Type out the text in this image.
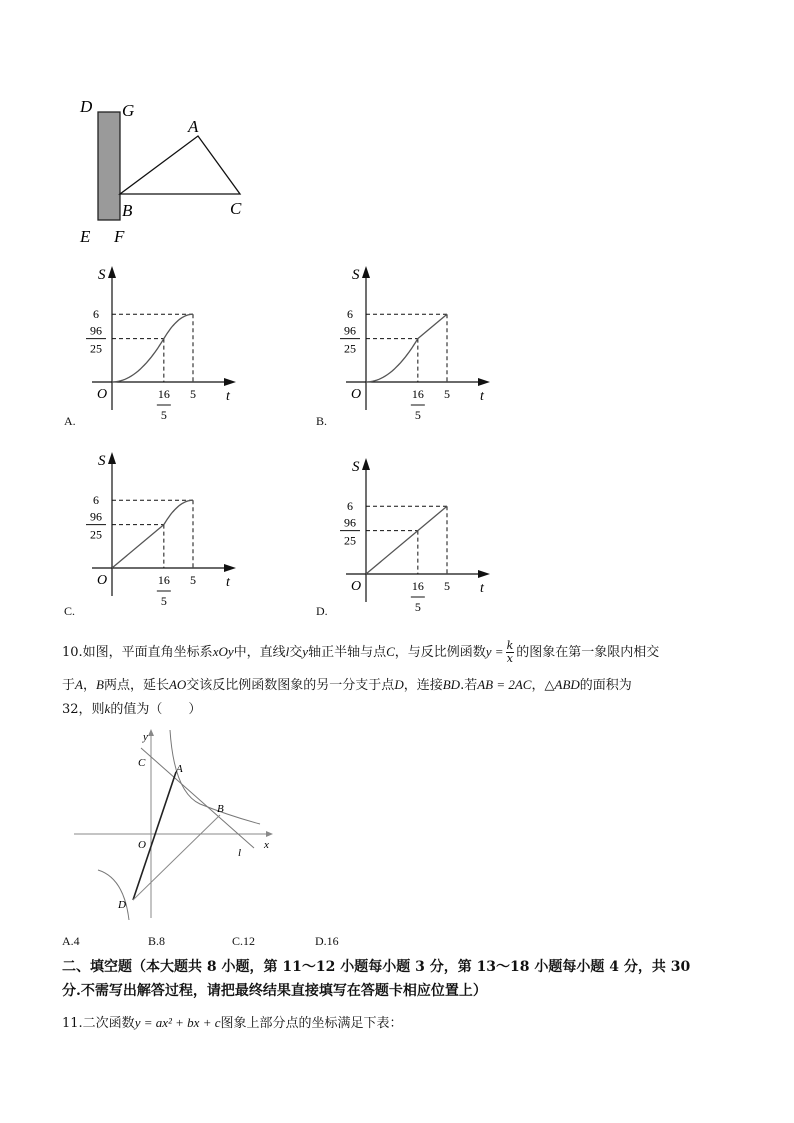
D G
A
B	C
E F
S
t
O
6
96
25
16
5
5
A.
S
t
O
6
96
25
16
5
5
B.
S
t
O
6
96
25
16
5
5
C.
S
t
O
6
96
25
16
5
5
D.
10.如图，平面直角坐标系xOy中，直线l交y轴正半轴与点C，与反比例函数$y = \frac{k}{x}$ 的图象在第一象限内相交
于A，B两点，延长AO交该反比例函数图象的另一分支于点D，连接BD.若AB = 2AC，△ABD的面积为
32，则k的值为（　　）
y
x
C	A
B
O
l
D
A.4	B.8	C.12	D.16
二、填空题（本大题共 8 小题，第 11～12 小题每小题 3 分，第 13～18 小题每小题 4 分，共 30
分.不需写出解答过程，请把最终结果直接填写在答题卡相应位置上）
11.二次函数y = ax² + bx + c图象上部分点的坐标满足下表：
